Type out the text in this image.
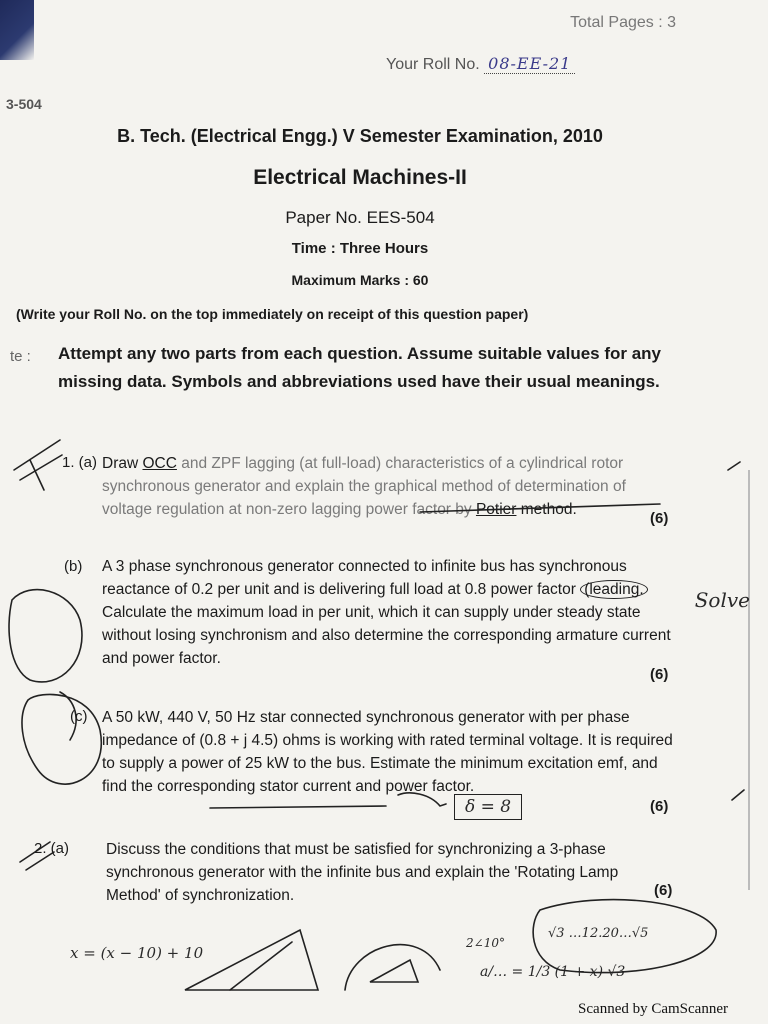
Total Pages : 3
Your Roll No. 08-EE-21
3-504
B. Tech. (Electrical Engg.) V Semester Examination, 2010
Electrical Machines-II
Paper No. EES-504
Time : Three Hours
Maximum Marks : 60
(Write your Roll No. on the top immediately on receipt of this question paper)
te : Attempt any two parts from each question. Assume suitable values for any missing data. Symbols and abbreviations used have their usual meanings.
1. (a) Draw OCC and ZPF lagging (at full-load) characteristics of a cylindrical rotor synchronous generator and explain the graphical method of determination of voltage regulation at non-zero lagging power factor by Potier method.

(6)
(b) A 3 phase synchronous generator connected to infinite bus has synchronous reactance of 0.2 per unit and is delivering full load at 0.8 power factor (leading. Calculate the maximum load in per unit, which it can supply under steady state without losing synchronism and also determine the corresponding armature current and power factor.

(6)
(c) A 50 kW, 440 V, 50 Hz star connected synchronous generator with per phase impedance of (0.8 + j 4.5) ohms is working with rated terminal voltage. It is required to supply a power of 25 kW to the bus. Estimate the minimum excitation emf, and find the corresponding stator current and power factor.

(6)
2. (a) Discuss the conditions that must be satisfied for synchronizing a 3-phase synchronous generator with the infinite bus and explain the 'Rotating Lamp Method' of synchronization.	(6)
Solve
δ = 8
x = (x − 10) + 10
2∠10°
a/… = 1/3 (1 + x) √3
√3 …12.20…√5
Scanned by CamScanner
